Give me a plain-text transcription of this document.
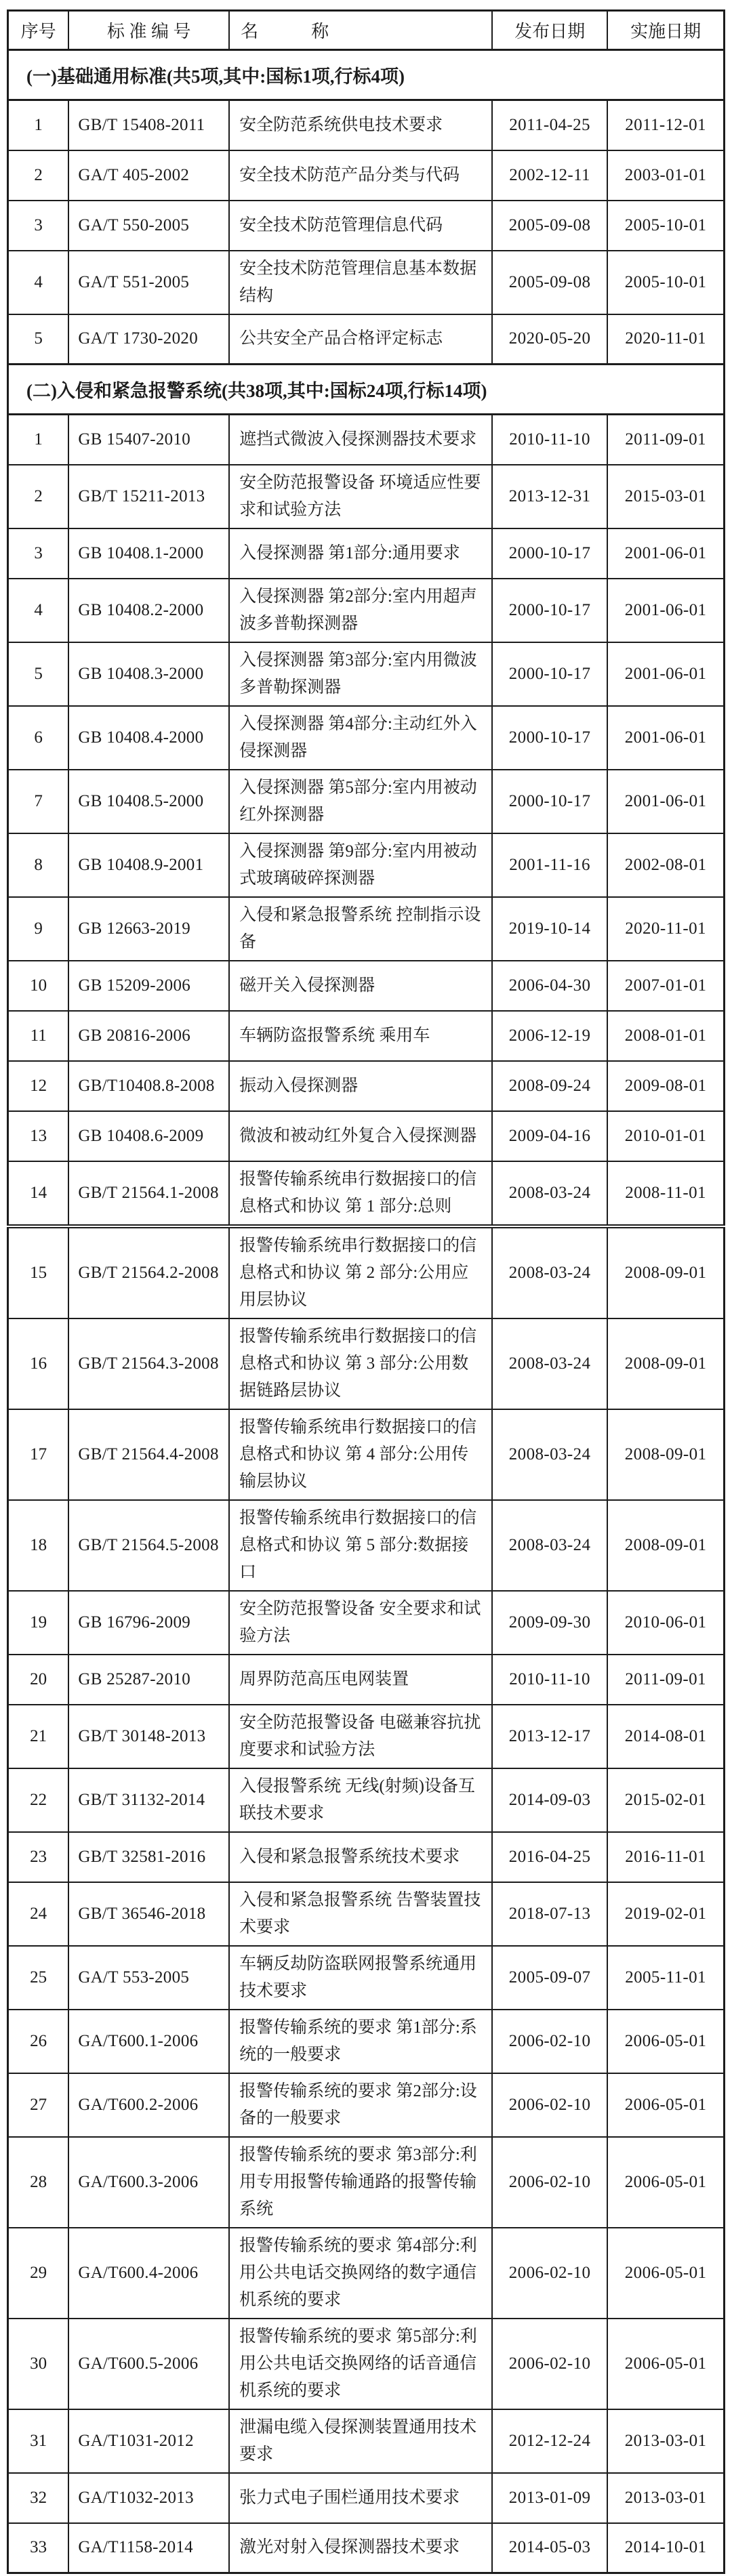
序号	标 准 编 号	名　　　称	发布日期	实施日期
(一)基础通用标准(共5项,其中:国标1项,行标4项)				
1	GB/T 15408-2011	安全防范系统供电技术要求	2011-04-25	2011-12-01
2	GA/T 405-2002	安全技术防范产品分类与代码	2002-12-11	2003-01-01
3	GA/T 550-2005	安全技术防范管理信息代码	2005-09-08	2005-10-01
4	GA/T 551-2005	安全技术防范管理信息基本数据结构	2005-09-08	2005-10-01
5	GA/T 1730-2020	公共安全产品合格评定标志	2020-05-20	2020-11-01
(二)入侵和紧急报警系统(共38项,其中:国标24项,行标14项)				
1	GB 15407-2010	遮挡式微波入侵探测器技术要求	2010-11-10	2011-09-01
2	GB/T 15211-2013	安全防范报警设备 环境适应性要求和试验方法	2013-12-31	2015-03-01
3	GB 10408.1-2000	入侵探测器 第1部分:通用要求	2000-10-17	2001-06-01
4	GB 10408.2-2000	入侵探测器 第2部分:室内用超声波多普勒探测器	2000-10-17	2001-06-01
5	GB 10408.3-2000	入侵探测器 第3部分:室内用微波多普勒探测器	2000-10-17	2001-06-01
6	GB 10408.4-2000	入侵探测器 第4部分:主动红外入侵探测器	2000-10-17	2001-06-01
7	GB 10408.5-2000	入侵探测器 第5部分:室内用被动红外探测器	2000-10-17	2001-06-01
8	GB 10408.9-2001	入侵探测器 第9部分:室内用被动式玻璃破碎探测器	2001-11-16	2002-08-01
9	GB 12663-2019	入侵和紧急报警系统 控制指示设备	2019-10-14	2020-11-01
10	GB 15209-2006	磁开关入侵探测器	2006-04-30	2007-01-01
11	GB 20816-2006	车辆防盗报警系统 乘用车	2006-12-19	2008-01-01
12	GB/T10408.8-2008	振动入侵探测器	2008-09-24	2009-08-01
13	GB 10408.6-2009	微波和被动红外复合入侵探测器	2009-04-16	2010-01-01
14	GB/T 21564.1-2008	报警传输系统串行数据接口的信息格式和协议 第 1 部分:总则	2008-03-24	2008-11-01
15	GB/T 21564.2-2008	报警传输系统串行数据接口的信息格式和协议 第 2 部分:公用应用层协议	2008-03-24	2008-09-01
16	GB/T 21564.3-2008	报警传输系统串行数据接口的信息格式和协议 第 3 部分:公用数据链路层协议	2008-03-24	2008-09-01
17	GB/T 21564.4-2008	报警传输系统串行数据接口的信息格式和协议 第 4 部分:公用传输层协议	2008-03-24	2008-09-01
18	GB/T 21564.5-2008	报警传输系统串行数据接口的信息格式和协议 第 5 部分:数据接口	2008-03-24	2008-09-01
19	GB 16796-2009	安全防范报警设备 安全要求和试验方法	2009-09-30	2010-06-01
20	GB 25287-2010	周界防范高压电网装置	2010-11-10	2011-09-01
21	GB/T 30148-2013	安全防范报警设备 电磁兼容抗扰度要求和试验方法	2013-12-17	2014-08-01
22	GB/T 31132-2014	入侵报警系统 无线(射频)设备互联技术要求	2014-09-03	2015-02-01
23	GB/T 32581-2016	入侵和紧急报警系统技术要求	2016-04-25	2016-11-01
24	GB/T 36546-2018	入侵和紧急报警系统 告警装置技术要求	2018-07-13	2019-02-01
25	GA/T 553-2005	车辆反劫防盗联网报警系统通用技术要求	2005-09-07	2005-11-01
26	GA/T600.1-2006	报警传输系统的要求 第1部分:系统的一般要求	2006-02-10	2006-05-01
27	GA/T600.2-2006	报警传输系统的要求 第2部分:设备的一般要求	2006-02-10	2006-05-01
28	GA/T600.3-2006	报警传输系统的要求 第3部分:利用专用报警传输通路的报警传输系统	2006-02-10	2006-05-01
29	GA/T600.4-2006	报警传输系统的要求 第4部分:利用公共电话交换网络的数字通信机系统的要求	2006-02-10	2006-05-01
30	GA/T600.5-2006	报警传输系统的要求 第5部分:利用公共电话交换网络的话音通信机系统的要求	2006-02-10	2006-05-01
31	GA/T1031-2012	泄漏电缆入侵探测装置通用技术要求	2012-12-24	2013-03-01
32	GA/T1032-2013	张力式电子围栏通用技术要求	2013-01-09	2013-03-01
33	GA/T1158-2014	激光对射入侵探测器技术要求	2014-05-03	2014-10-01
